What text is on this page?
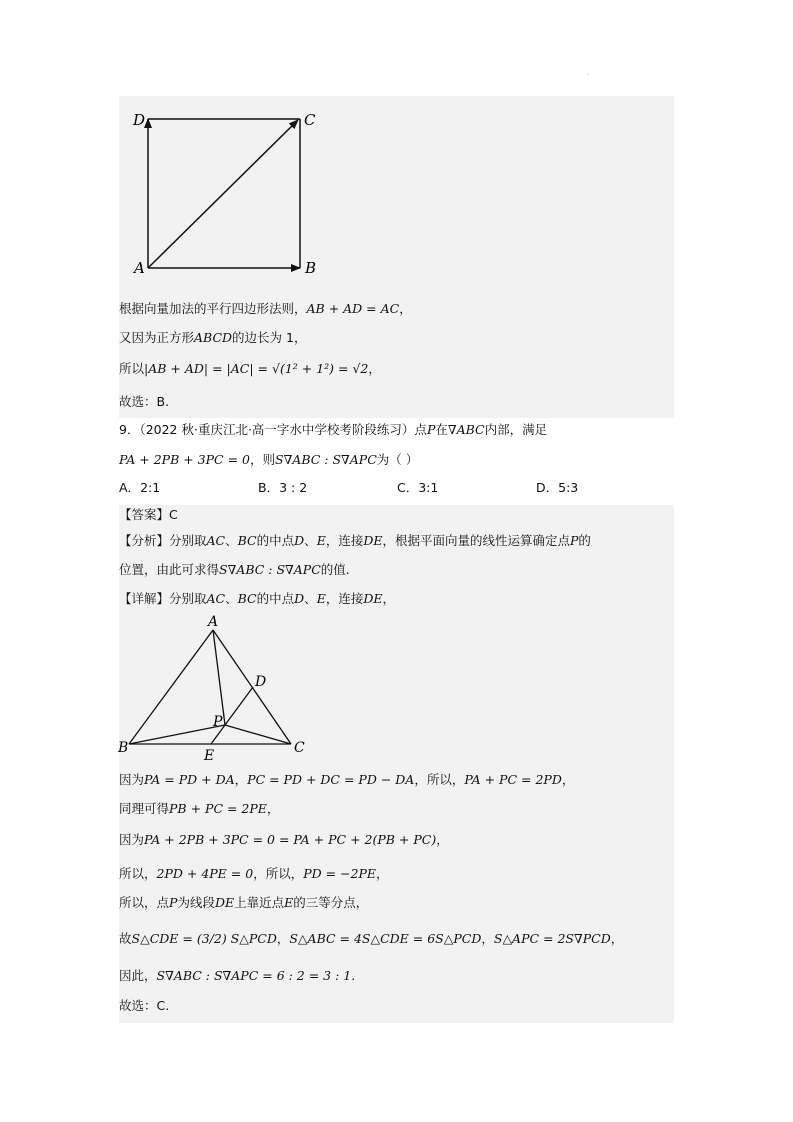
·
A	B
C
D
根据向量加法的平行四边形法则，AB + AD = AC，
又因为正方形ABCD的边长为 1，
所以|AB + AD| = |AC| = √(1² + 1²) = √2，
故选：B.
9．（2022 秋·重庆江北·高一字水中学校考阶段练习）点P在∇ABC内部，满足
PA + 2PB + 3PC = 0，则S∇ABC : S∇APC为（ ）
A．2:1	B．3 : 2	C．3:1	D．5:3
【答案】C
【分析】分别取AC、BC的中点D、E，连接DE，根据平面向量的线性运算确定点P的
位置，由此可求得S∇ABC : S∇APC的值.
【详解】分别取AC、BC的中点D、E，连接DE，
A
B	C
D
E
P
因为PA = PD + DA，PC = PD + DC = PD − DA，所以，PA + PC = 2PD，
同理可得PB + PC = 2PE，
因为PA + 2PB + 3PC = 0 = PA + PC + 2(PB + PC)，
所以，2PD + 4PE = 0，所以，PD = −2PE，
所以，点P为线段DE上靠近点E的三等分点，
故S△CDE = (3/2) S△PCD，S△ABC = 4S△CDE = 6S△PCD，S△APC = 2S∇PCD，
因此，S∇ABC : S∇APC = 6 : 2 = 3 : 1.
故选：C.
